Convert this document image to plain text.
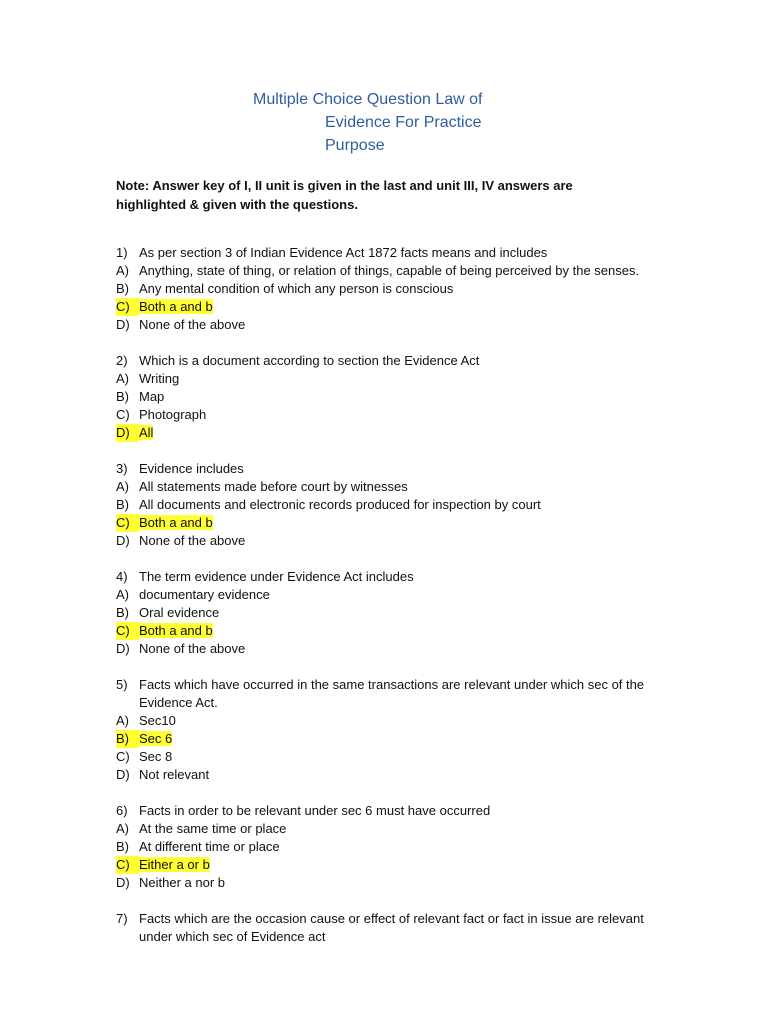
Multiple Choice Question Law of
Evidence For Practice
Purpose
Note: Answer key of I, II unit is given in the last and unit III, IV answers are highlighted & given with the questions.
1) As per section 3 of Indian Evidence Act 1872 facts means and includes
A) Anything, state of thing, or relation of things, capable of being perceived by the senses.
B) Any mental condition of which any person is conscious
C) Both a and b
D) None of the above
2) Which is a document according to section the Evidence Act
A) Writing
B) Map
C) Photograph
D) All
3) Evidence includes
A) All statements made before court by witnesses
B) All documents and electronic records produced for inspection by court
C) Both a and b
D) None of the above
4) The term evidence under Evidence Act includes
A) documentary evidence
B) Oral evidence
C) Both a and b
D) None of the above
5) Facts which have occurred in the same transactions are relevant under which sec of the Evidence Act.
A) Sec10
B) Sec 6
C) Sec 8
D) Not relevant
6) Facts in order to be relevant under sec 6 must have occurred
A) At the same time or place
B) At different time or place
C) Either a or b
D) Neither a nor b
7) Facts which are the occasion cause or effect of relevant fact or fact in issue are relevant under which sec of Evidence act
